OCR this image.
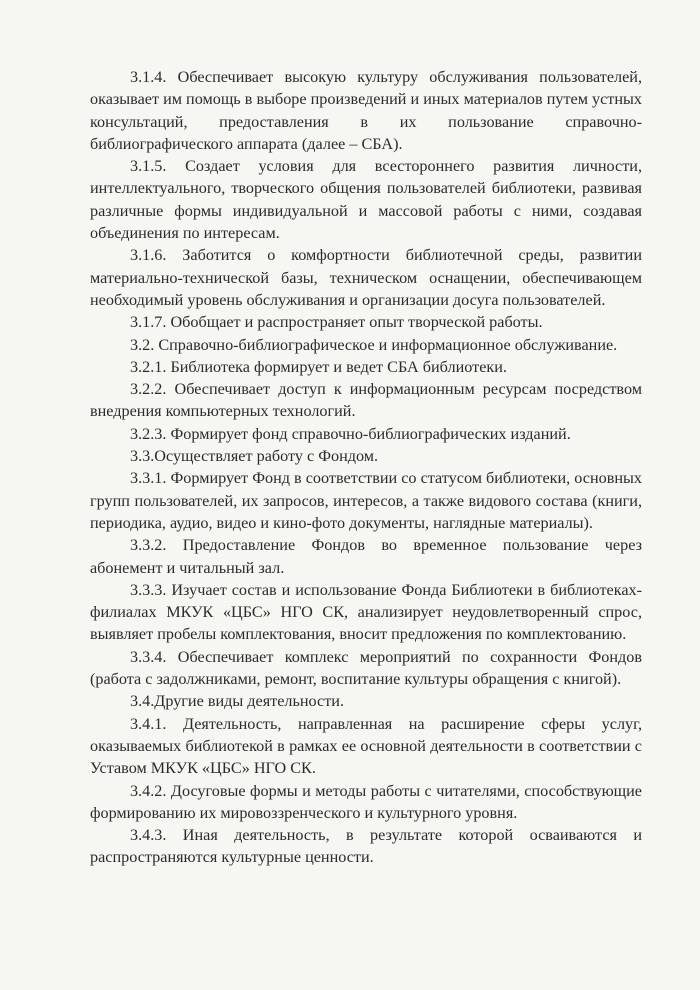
3.1.4. Обеспечивает высокую культуру обслуживания пользователей, оказывает им помощь в выборе произведений и иных материалов путем устных консультаций, предоставления в их пользование справочно-библиографического аппарата (далее – СБА).

3.1.5. Создает условия для всестороннего развития личности, интеллектуального, творческого общения пользователей библиотеки, развивая различные формы индивидуальной и массовой работы с ними, создавая объединения по интересам.

3.1.6. Заботится о комфортности библиотечной среды, развитии материально-технической базы, техническом оснащении, обеспечивающем необходимый уровень обслуживания и организации досуга пользователей.

3.1.7. Обобщает и распространяет опыт творческой работы.

3.2. Справочно-библиографическое и информационное обслуживание.

3.2.1. Библиотека формирует и ведет СБА библиотеки.

3.2.2. Обеспечивает доступ к информационным ресурсам посредством внедрения компьютерных технологий.

3.2.3. Формирует фонд справочно-библиографических изданий.

3.3.Осуществляет работу с Фондом.

3.3.1. Формирует Фонд в соответствии со статусом библиотеки, основных групп пользователей, их запросов, интересов, а также видового состава (книги, периодика, аудио, видео и кино-фото документы, наглядные материалы).

3.3.2. Предоставление Фондов во временное пользование через абонемент и читальный зал.

3.3.3. Изучает состав и использование Фонда Библиотеки в библиотеках-филиалах МКУК «ЦБС» НГО СК, анализирует неудовлетворенный спрос, выявляет пробелы комплектования, вносит предложения по комплектованию.

3.3.4. Обеспечивает комплекс мероприятий по сохранности Фондов (работа с задолжниками, ремонт, воспитание культуры обращения с книгой).

3.4.Другие виды деятельности.

3.4.1. Деятельность, направленная на расширение сферы услуг, оказываемых библиотекой в рамках ее основной деятельности в соответствии с Уставом МКУК «ЦБС» НГО СК.

3.4.2. Досуговые формы и методы работы с читателями, способствующие формированию их мировоззренческого и культурного уровня.

3.4.3. Иная деятельность, в результате которой осваиваются и распространяются культурные ценности.
